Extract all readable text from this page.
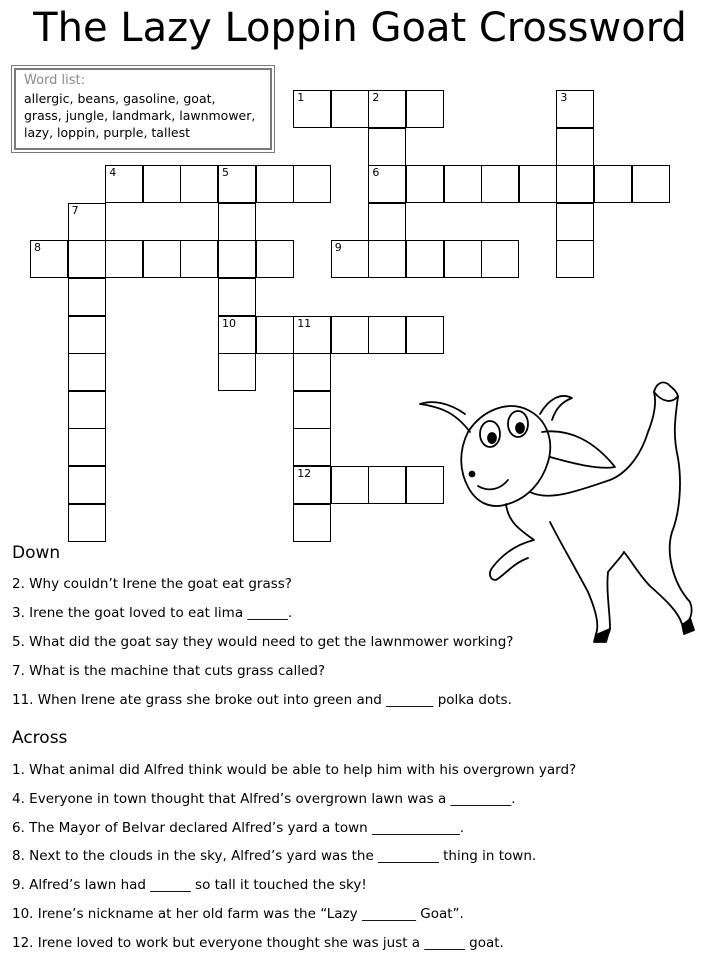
The Lazy Loppin Goat Crossword
Word list:
allergic, beans, gasoline, goat,
grass, jungle, landmark, lawnmower,
lazy, loppin, purple, tallest
1	2
6
3
4	5
10
7
8	9
11
12
Down
2. Why couldn’t Irene the goat eat grass?
3. Irene the goat loved to eat lima ______.
5. What did the goat say they would need to get the lawnmower working?
7. What is the machine that cuts grass called?
11. When Irene ate grass she broke out into green and _______ polka dots.
Across
1. What animal did Alfred think would be able to help him with his overgrown yard?
4. Everyone in town thought that Alfred’s overgrown lawn was a _________.
6. The Mayor of Belvar declared Alfred’s yard a town _____________.
8. Next to the clouds in the sky, Alfred’s yard was the _________ thing in town.
9. Alfred’s lawn had ______ so tall it touched the sky!
10. Irene’s nickname at her old farm was the “Lazy ________ Goat”.
12. Irene loved to work but everyone thought she was just a ______ goat.
